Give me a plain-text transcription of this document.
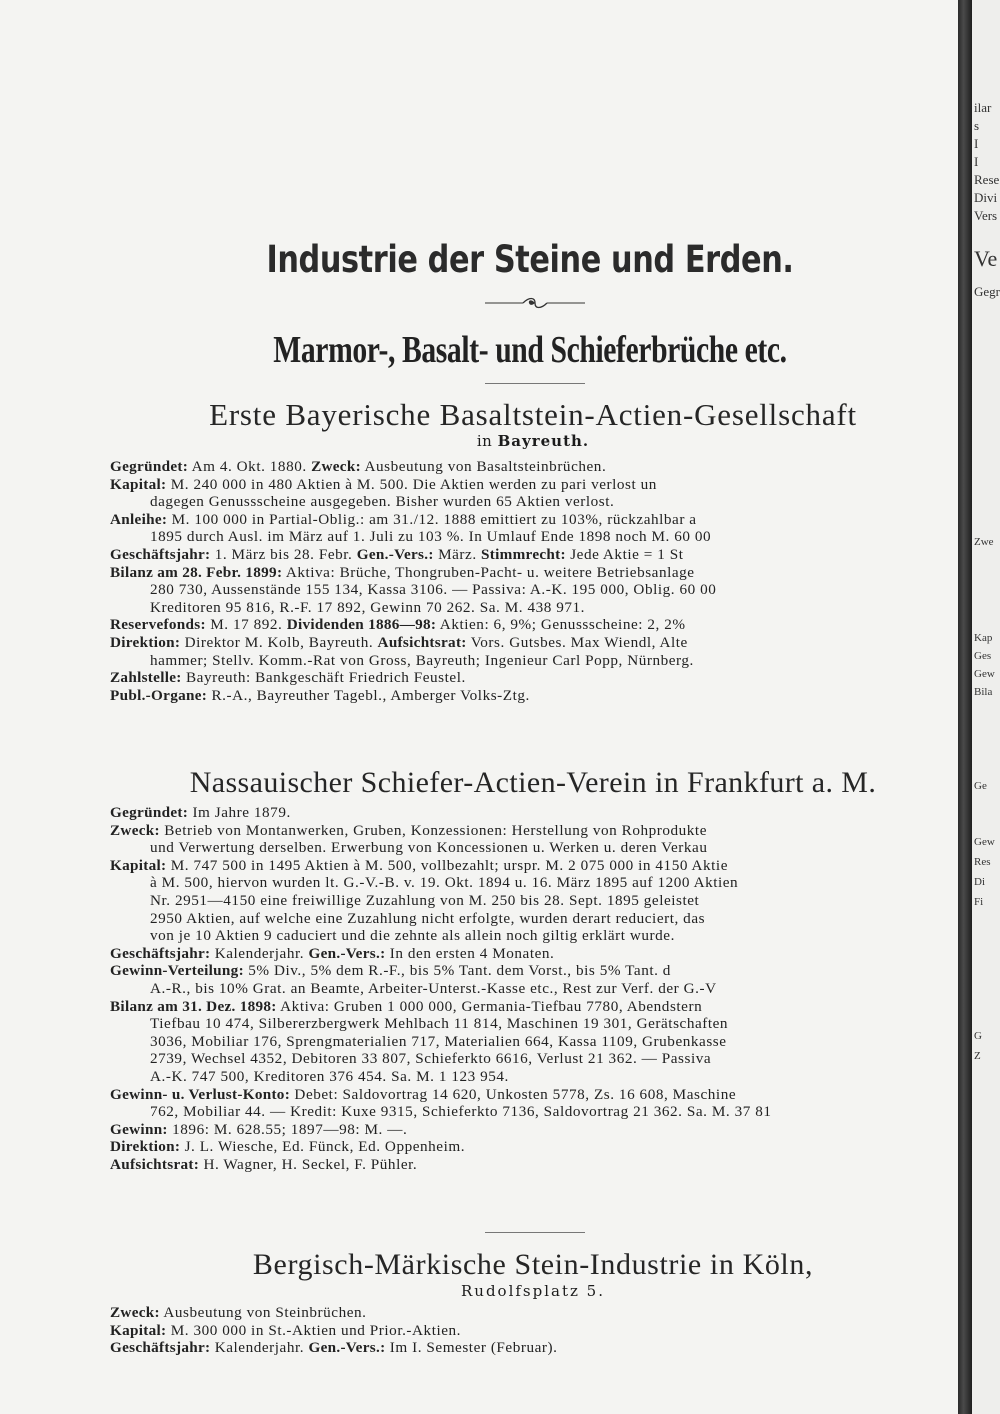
Industrie der Steine und Erden.
Marmor-, Basalt- und Schieferbrüche etc.
Erste Bayerische Basaltstein-Actien-Gesellschaft
in Bayreuth.
Gegründet: Am 4. Okt. 1880. Zweck: Ausbeutung von Basaltsteinbrüchen.
Kapital: M. 240 000 in 480 Aktien à M. 500. Die Aktien werden zu pari verlost un
dagegen Genussscheine ausgegeben. Bisher wurden 65 Aktien verlost.
Anleihe: M. 100 000 in Partial-Oblig.: am 31./12. 1888 emittiert zu 103%, rückzahlbar a
1895 durch Ausl. im März auf 1. Juli zu 103 %. In Umlauf Ende 1898 noch M. 60 00
Geschäftsjahr: 1. März bis 28. Febr. Gen.-Vers.: März. Stimmrecht: Jede Aktie = 1 St
Bilanz am 28. Febr. 1899: Aktiva: Brüche, Thongruben-Pacht- u. weitere Betriebsanlage
280 730, Aussenstände 155 134, Kassa 3106. — Passiva: A.-K. 195 000, Oblig. 60 00
Kreditoren 95 816, R.-F. 17 892, Gewinn 70 262. Sa. M. 438 971.
Reservefonds: M. 17 892. Dividenden 1886—98: Aktien: 6, 9%; Genussscheine: 2, 2%
Direktion: Direktor M. Kolb, Bayreuth. Aufsichtsrat: Vors. Gutsbes. Max Wiendl, Alte
hammer; Stellv. Komm.-Rat von Gross, Bayreuth; Ingenieur Carl Popp, Nürnberg.
Zahlstelle: Bayreuth: Bankgeschäft Friedrich Feustel.
Publ.-Organe: R.-A., Bayreuther Tagebl., Amberger Volks-Ztg.
Nassauischer Schiefer-Actien-Verein in Frankfurt a. M.
Gegründet: Im Jahre 1879.
Zweck: Betrieb von Montanwerken, Gruben, Konzessionen: Herstellung von Rohprodukte
und Verwertung derselben. Erwerbung von Koncessionen u. Werken u. deren Verkau
Kapital: M. 747 500 in 1495 Aktien à M. 500, vollbezahlt; urspr. M. 2 075 000 in 4150 Aktie
à M. 500, hiervon wurden lt. G.-V.-B. v. 19. Okt. 1894 u. 16. März 1895 auf 1200 Aktien
Nr. 2951—4150 eine freiwillige Zuzahlung von M. 250 bis 28. Sept. 1895 geleistet
2950 Aktien, auf welche eine Zuzahlung nicht erfolgte, wurden derart reduciert, das
von je 10 Aktien 9 caduciert und die zehnte als allein noch giltig erklärt wurde.
Geschäftsjahr: Kalenderjahr. Gen.-Vers.: In den ersten 4 Monaten.
Gewinn-Verteilung: 5% Div., 5% dem R.-F., bis 5% Tant. dem Vorst., bis 5% Tant. d
A.-R., bis 10% Grat. an Beamte, Arbeiter-Unterst.-Kasse etc., Rest zur Verf. der G.-V
Bilanz am 31. Dez. 1898: Aktiva: Gruben 1 000 000, Germania-Tiefbau 7780, Abendstern
Tiefbau 10 474, Silbererzbergwerk Mehlbach 11 814, Maschinen 19 301, Gerätschaften
3036, Mobiliar 176, Sprengmaterialien 717, Materialien 664, Kassa 1109, Grubenkasse
2739, Wechsel 4352, Debitoren 33 807, Schieferkto 6616, Verlust 21 362. — Passiva
A.-K. 747 500, Kreditoren 376 454. Sa. M. 1 123 954.
Gewinn- u. Verlust-Konto: Debet: Saldovortrag 14 620, Unkosten 5778, Zs. 16 608, Maschine
762, Mobiliar 44. — Kredit: Kuxe 9315, Schieferkto 7136, Saldovortrag 21 362. Sa. M. 37 81
Gewinn: 1896: M. 628.55; 1897—98: M. —.
Direktion: J. L. Wiesche, Ed. Fünck, Ed. Oppenheim.
Aufsichtsrat: H. Wagner, H. Seckel, F. Pühler.
Bergisch-Märkische Stein-Industrie in Köln,
Rudolfsplatz 5.
Zweck: Ausbeutung von Steinbrüchen.
Kapital: M. 300 000 in St.-Aktien und Prior.-Aktien.
Geschäftsjahr: Kalenderjahr. Gen.-Vers.: Im I. Semester (Februar).
ilar
s
I
I
Rese
Divi
Vers
Ve
Gegr
Zwe
Kap
Ges
Gew
Bila
Ge
Gew
Res
Di
Fi
G
Z
